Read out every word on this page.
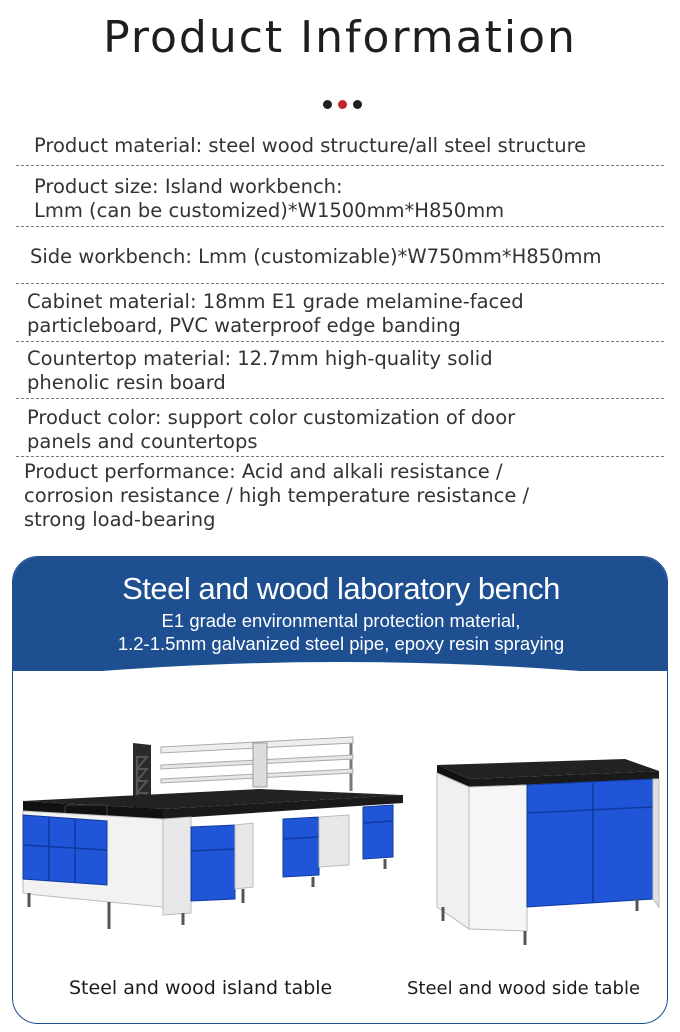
Product Information
Product material: steel wood structure/all steel structure
Product size: Island workbench:
Lmm (can be customized)*W1500mm*H850mm
Side workbench: Lmm (customizable)*W750mm*H850mm
Cabinet material: 18mm E1 grade melamine-faced
particleboard, PVC waterproof edge banding
Countertop material: 12.7mm high-quality solid
phenolic resin board
Product color: support color customization of door
panels and countertops
Product performance: Acid and alkali resistance /
corrosion resistance / high temperature resistance /
strong load-bearing
Steel and wood laboratory bench
E1 grade environmental protection material,
1.2-1.5mm galvanized steel pipe, epoxy resin spraying
Steel and wood island table	Steel and wood side table
